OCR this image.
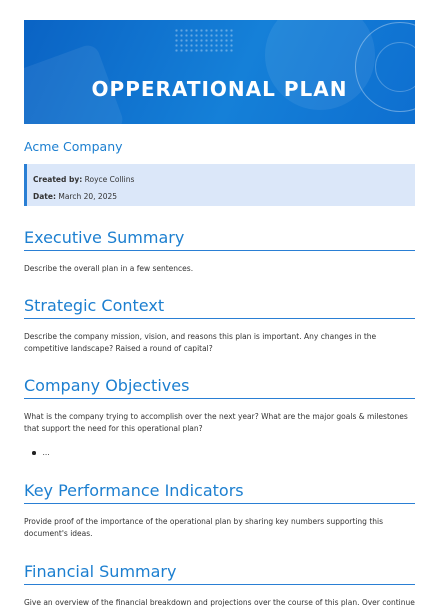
OPPERATIONAL PLAN
Acme Company
Created by: Royce Collins
Date: March 20, 2025
Executive Summary

Describe the overall plan in a few sentences.

Strategic Context

Describe the company mission, vision, and reasons this plan is important. Any changes in the competitive landscape? Raised a round of capital?

Company Objectives

What is the company trying to accomplish over the next year? What are the major goals & milestones that support the need for this operational plan?

...
Key Performance Indicators

Provide proof of the importance of the operational plan by sharing key numbers supporting this document's ideas.

Financial Summary

Give an overview of the financial breakdown and projections over the course of this plan. Over continue
